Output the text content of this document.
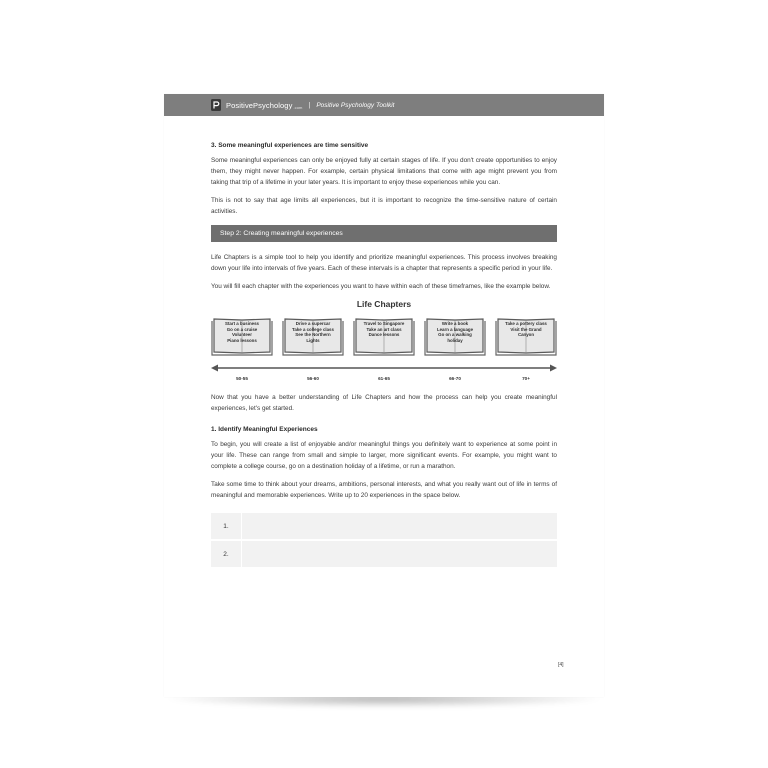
PositivePsychology.com | Positive Psychology Toolkit
3. Some meaningful experiences are time sensitive

Some meaningful experiences can only be enjoyed fully at certain stages of life. If you don't create opportunities to enjoy them, they might never happen. For example, certain physical limitations that come with age might prevent you from taking that trip of a lifetime in your later years. It is important to enjoy these experiences while you can.

This is not to say that age limits all experiences, but it is important to recognize the time-sensitive nature of certain activities.

Step 2: Creating meaningful experiences

Life Chapters is a simple tool to help you identify and prioritize meaningful experiences. This process involves breaking down your life into intervals of five years. Each of these intervals is a chapter that represents a specific period in your life.

You will fill each chapter with the experiences you want to have within each of these timeframes, like the example below.

Life Chapters
Start a business
Go on a cruise
Volunteer
Piano lessons
Drive a supercar
Take a college class
See the Northern
Lights
Travel to Singapore
Take an art class
Dance lessons
Write a book
Learn a language
Go on a walking
holiday
Take a pottery class
Visit the Grand
Canyon
50-55	56-60	61-65	66-70	70+

Now that you have a better understanding of Life Chapters and how the process can help you create meaningful experiences, let's get started.

1. Identify Meaningful Experiences

To begin, you will create a list of enjoyable and/or meaningful things you definitely want to experience at some point in your life. These can range from small and simple to larger, more significant events. For example, you might want to complete a college course, go on a destination holiday of a lifetime, or run a marathon.

Take some time to think about your dreams, ambitions, personal interests, and what you really want out of life in terms of meaningful and memorable experiences. Write up to 20 experiences in the space below.

1.
2.
[4]
